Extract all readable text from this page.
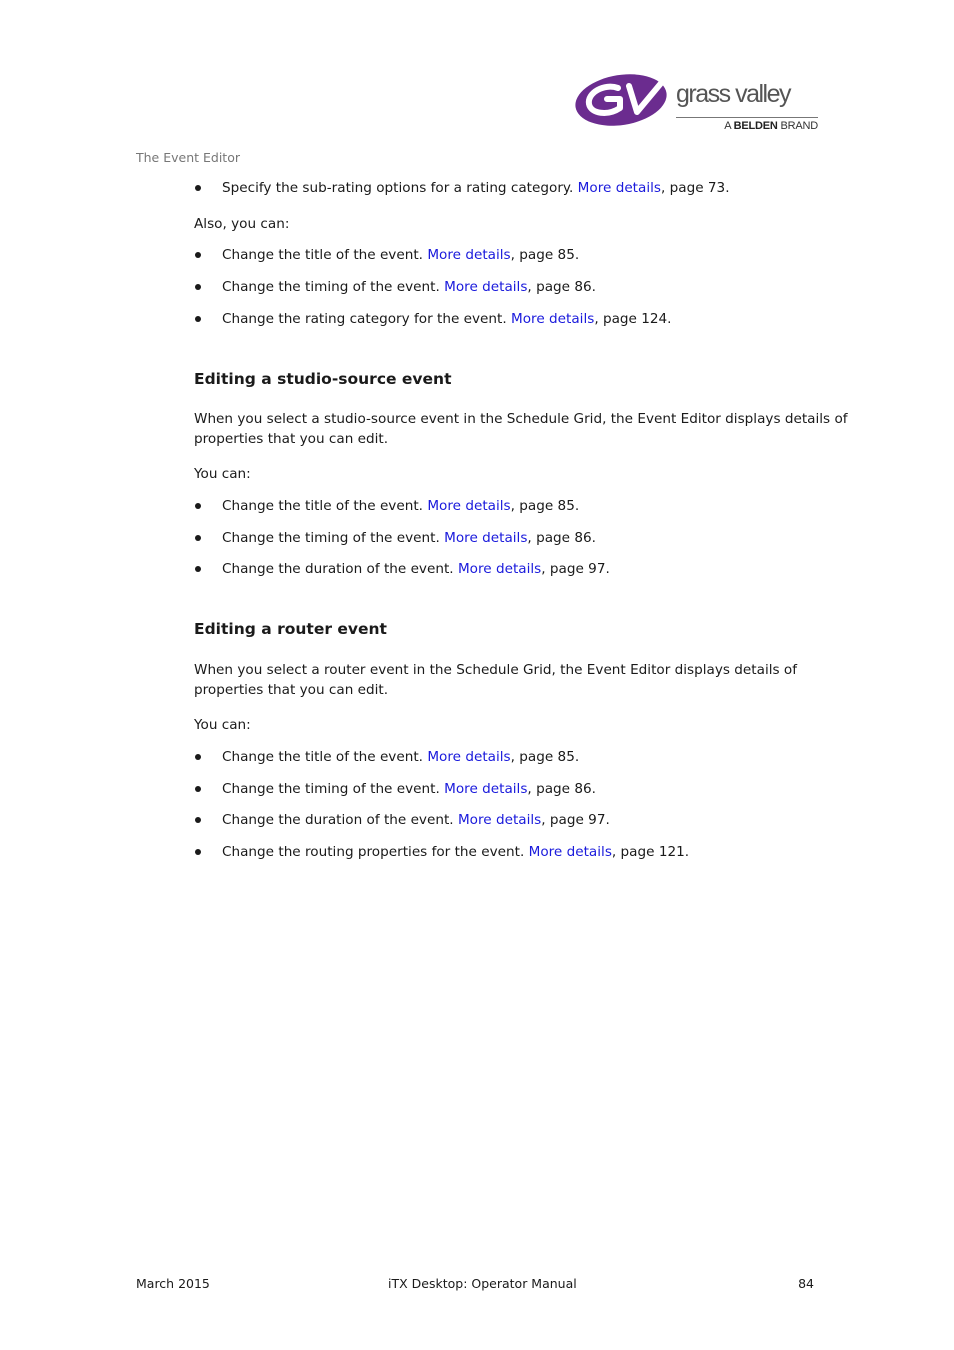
grass valley
A BELDEN BRAND
The Event Editor
Specify the sub-rating options for a rating category. More details, page 73.
Also, you can:
Change the title of the event. More details, page 85.
Change the timing of the event. More details, page 86.
Change the rating category for the event. More details, page 124.
Editing a studio-source event
When you select a studio-source event in the Schedule Grid, the Event Editor displays details of
properties that you can edit.
You can:
Change the title of the event. More details, page 85.
Change the timing of the event. More details, page 86.
Change the duration of the event. More details, page 97.
Editing a router event
When you select a router event in the Schedule Grid, the Event Editor displays details of
properties that you can edit.
You can:
Change the title of the event. More details, page 85.
Change the timing of the event. More details, page 86.
Change the duration of the event. More details, page 97.
Change the routing properties for the event. More details, page 121.
March 2015	iTX Desktop: Operator Manual	84
